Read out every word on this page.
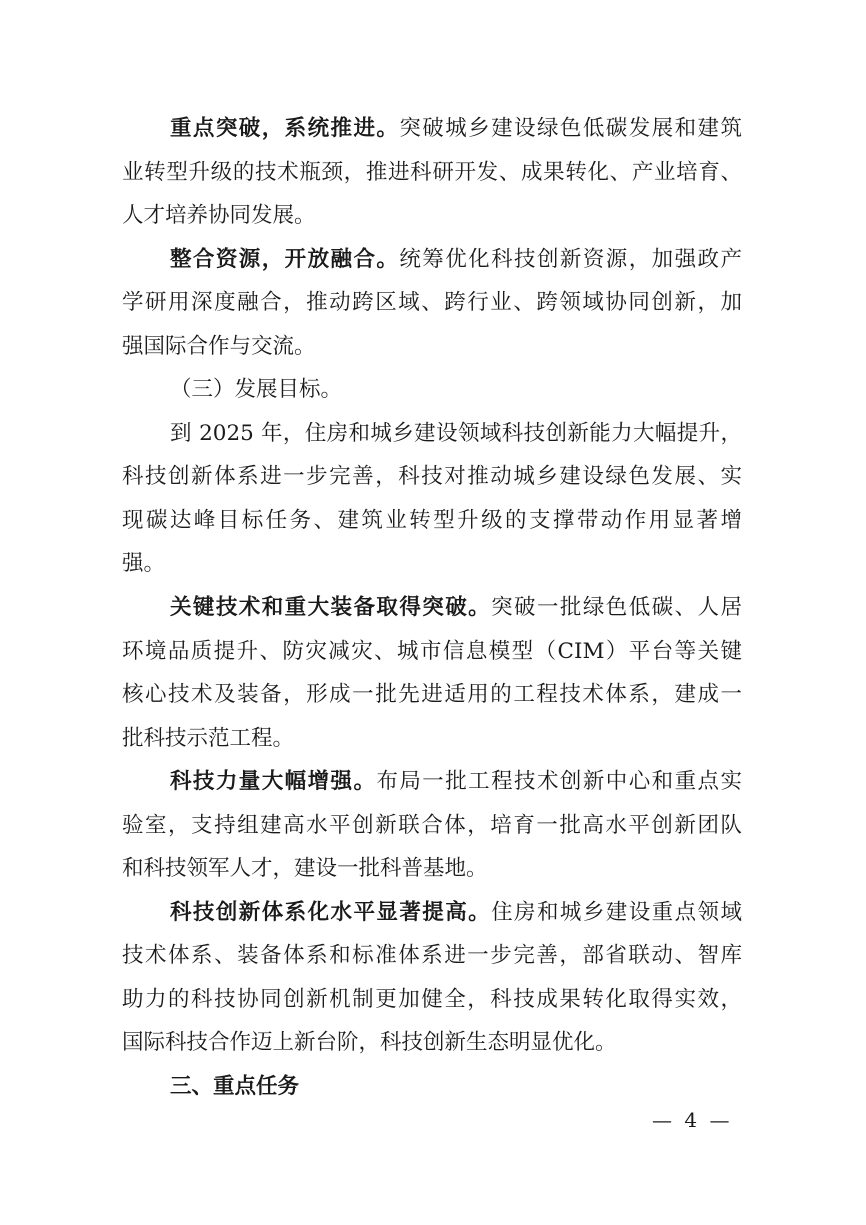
重点突破，系统推进。突破城乡建设绿色低碳发展和建筑
业转型升级的技术瓶颈，推进科研开发、成果转化、产业培育、
人才培养协同发展。
整合资源，开放融合。统筹优化科技创新资源，加强政产
学研用深度融合，推动跨区域、跨行业、跨领域协同创新，加
强国际合作与交流。
（三）发展目标。
到 2025 年，住房和城乡建设领域科技创新能力大幅提升，
科技创新体系进一步完善，科技对推动城乡建设绿色发展、实
现碳达峰目标任务、建筑业转型升级的支撑带动作用显著增
强。
关键技术和重大装备取得突破。突破一批绿色低碳、人居
环境品质提升、防灾减灾、城市信息模型（CIM）平台等关键
核心技术及装备，形成一批先进适用的工程技术体系，建成一
批科技示范工程。
科技力量大幅增强。布局一批工程技术创新中心和重点实
验室，支持组建高水平创新联合体，培育一批高水平创新团队
和科技领军人才，建设一批科普基地。
科技创新体系化水平显著提高。住房和城乡建设重点领域
技术体系、装备体系和标准体系进一步完善，部省联动、智库
助力的科技协同创新机制更加健全，科技成果转化取得实效，
国际科技合作迈上新台阶，科技创新生态明显优化。
三、重点任务
— 4 —
